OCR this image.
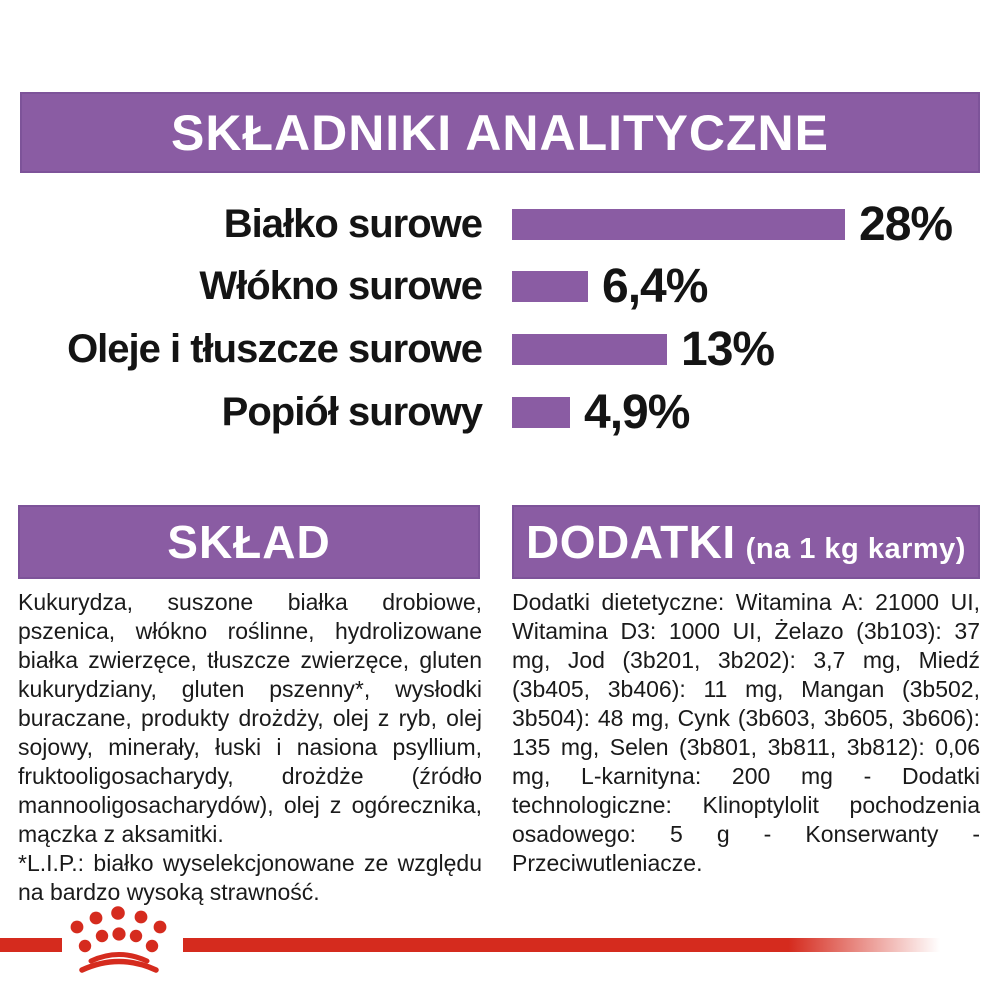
SKŁADNIKI ANALITYCZNE
Białko surowe	28%
Włókno surowe	6,4%
Oleje i tłuszcze surowe	13%
Popiół surowy 4,9%
SKŁAD

Kukurydza, suszone białka drobiowe, pszenica, włókno roślinne, hydrolizowane białka zwierzęce, tłuszcze zwierzęce, gluten kukurydziany, gluten pszenny*, wysłodki buraczane, produkty drożdży, olej z ryb, olej sojowy, minerały, łuski i nasiona psyllium, fruktooligosacharydy, drożdże (źródło mannooligosacharydów), olej z ogórecznika, mączka z aksamitki.

*L.I.P.: białko wyselekcjonowane ze względu na bardzo wysoką strawność.

DODATKI (na 1 kg karmy)

Dodatki dietetyczne: Witamina A: 21000 UI, Witamina D3: 1000 UI, Żelazo (3b103): 37 mg, Jod (3b201, 3b202): 3,7 mg, Miedź (3b405, 3b406): 11 mg, Mangan (3b502, 3b504): 48 mg, Cynk (3b603, 3b605, 3b606): 135 mg, Selen (3b801, 3b811, 3b812): 0,06 mg, L-karnityna: 200 mg - Dodatki technologiczne: Klinoptylolit pochodzenia osadowego: 5 g - Konserwanty - Przeciwutleniacze.
